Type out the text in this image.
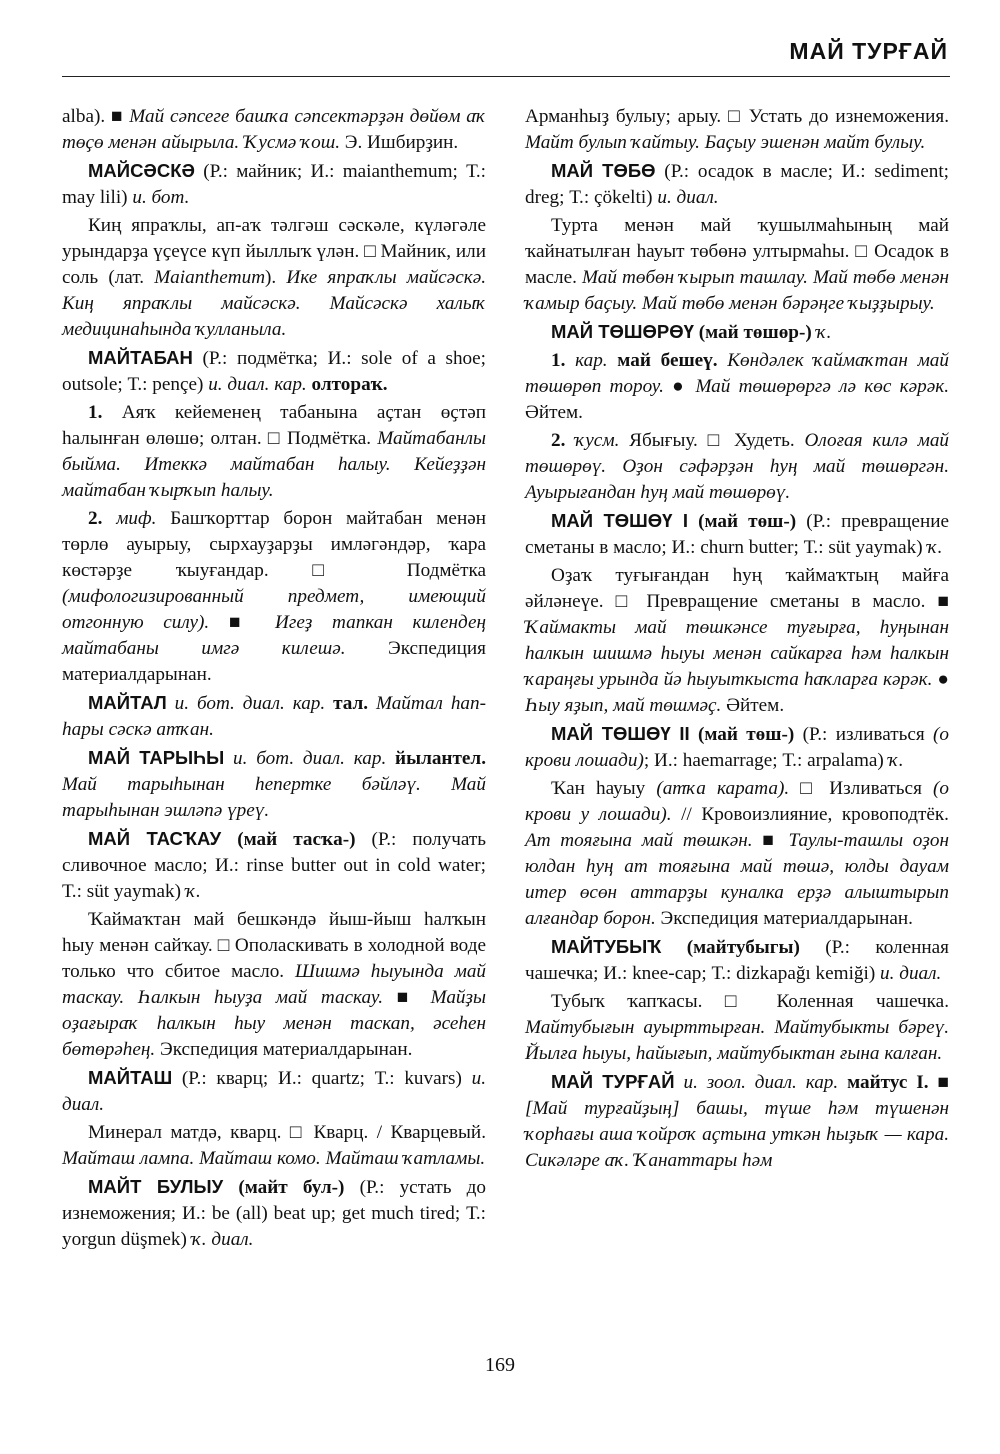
МАЙ ТУРҒАЙ

alba). ■ Май сәпсеге башҡа сәпсектәрҙән дөйөм аҡ төҫө менән айырыла. Ҡусмә ҡош. Э. Ишбирҙин.

МАЙСӘСКӘ (Р.: майник; И.: maianthemum; Т.: may lili) и. бот.

Киң япраҡлы, ап-аҡ тәлгәш сәскәле, күләгәле урындарҙа үҫеүсе күп йыллыҡ үлән. □ Майник, или соль (лат. Maianthemum). Ике япраҡлы майсәскә. Киң япраҡлы майсәскә. Майсәскә халыҡ медицинаһында ҡулланыла.

МАЙТАБАН (Р.: подмётка; И.: sole of a shoe; outsole; Т.: pençe) и. диал. кар. олтораҡ.

1. Аяҡ кейеменең табанына аҫтан өҫтәп һалынған өлөшө; олтан. □ Подмётка. Майтабанлы быйма. Итеккә майтабан һалыу. Кейеҙҙән майтабан ҡырҡып һалыу.

2. миф. Башҡорттар борон майтабан менән төрлө ауырыу, сырхауҙарҙы имләгәндәр, ҡара көстәрҙе ҡыуғандар. □ Подмётка (мифологизированный предмет, имеющий отгонную силу). ■ Игеҙ тапкан килендең майтабаны имгә килешә. Экспедиция материалдарынан.

МАЙТАЛ и. бот. диал. кар. тал. Майтал һап-һары сәскә атҡан.

МАЙ ТАРЫҺЫ и. бот. диал. кар. йылантел. Май тарыһынан һепертке бәйләү. Май тарыһынан эшләпә үреү.

МАЙ ТАСҠАУ (май тасҡа-) (Р.: получать сливочное масло; И.: rinse butter out in cold water; Т.: süt yaymak) ҡ.

Ҡаймаҡтан май бешкәндә йыш-йыш һалҡын һыу менән сайҡау. □ Ополаскивать в холодной воде только что сбитое масло. Шишмә һыуында май таскау. Һалкын һыуҙа май таскау. ■ Майҙы оҙағыраҡ һалкын һыу менән таскап, әсеһен бөтөрәһең. Экспедиция материалдарынан.

МАЙТАШ (Р.: кварц; И.: quartz; Т.: kuvars) и. диал.

Минерал матдә, кварц. □ Кварц. / Кварцевый. Майташ лампа. Майташ комо. Майташ ҡатламы.

МАЙТ БУЛЫУ (майт бул-) (Р.: устать до изнеможения; И.: be (all) beat up; get much tired; Т.: yorgun düşmek) ҡ. диал.

Арманһыҙ булыу; арыу. □ Устать до изнеможения. Майт булып ҡайтыу. Баҫыу эшенән майт булыу.

МАЙ ТӨБӨ (Р.: осадок в масле; И.: sediment; dreg; Т.: çökelti) и. диал.

Турта менән май ҡушылмаһының май ҡайнатылған һауыт төбөнә ултырмаһы. □ Осадок в масле. Май төбөн ҡырып ташлау. Май төбө менән ҡамыр баҫыу. Май төбө менән бәрәңге ҡыҙҙырыу.

МАЙ ТӨШӨРӨҮ (май төшөр-) ҡ.

1. кар. май бешеү. Көндәлек ҡаймаҡтан май төшөрөп тороу. ● Май төшөрөргә лә көс кәрәк. Әйтем.

2. ҡусм. Ябығыу. □ Худеть. Олоғая килә май төшөрөү. Оҙон сәфәрҙән һуң май төшөргән. Ауырығандан һуң май төшөрөү.

МАЙ ТӨШӨҮ I (май төш-) (Р.: превращение сметаны в масло; И.: churn butter; Т.: süt yaymak) ҡ.

Оҙаҡ туғығандан һуң ҡаймаҡтың майға әйләнеүе. □ Превращение сметаны в масло. ■ Ҡаймакты май төшкәнсе туғырға, һуңынан һалкын шишмә һыуы менән сайкарға һәм һалкын ҡараңғы урында йә һыуыткыста һаҡларға кәрәк. ● Һыу яҙып, май төшмәҫ. Әйтем.

МАЙ ТӨШӨҮ II (май төш-) (Р.: изливаться (о крови лошади); И.: haemarrage; Т.: arpalama) ҡ.

Ҡан һауыу (атҡа карата). □ Изливаться (о крови у лошади). // Кровоизлияние, кровоподтёк. Ат тояғына май төшкән. ■ Таулы-ташлы оҙон юлдан һуң ат тояғына май төшә, юлды дауам итер өсөн аттарҙы куналка ерҙә алыштырып алғандар борон. Экспедиция материалдарынан.

МАЙТУБЫҠ (майтубыгы) (Р.: коленная чашечка; И.: knee-cap; Т.: dizkapağı kemiği) и. диал.

Тубыҡ ҡапҡасы. □ Коленная чашечка. Майтубығын ауырттырған. Майтубыкты бәреү. Йылға һыуы, һайығып, майтубыктан ғына калған.

МАЙ ТУРҒАЙ и. зоол. диал. кар. майтус I. ■ [Май турғайҙың] башы, түше һәм түшенән ҡорһағы аша ҡойроҡ аҫтына уткән һыҙыҡ — кара. Сикәләре аҡ. Ҡанаттары һәм

169
